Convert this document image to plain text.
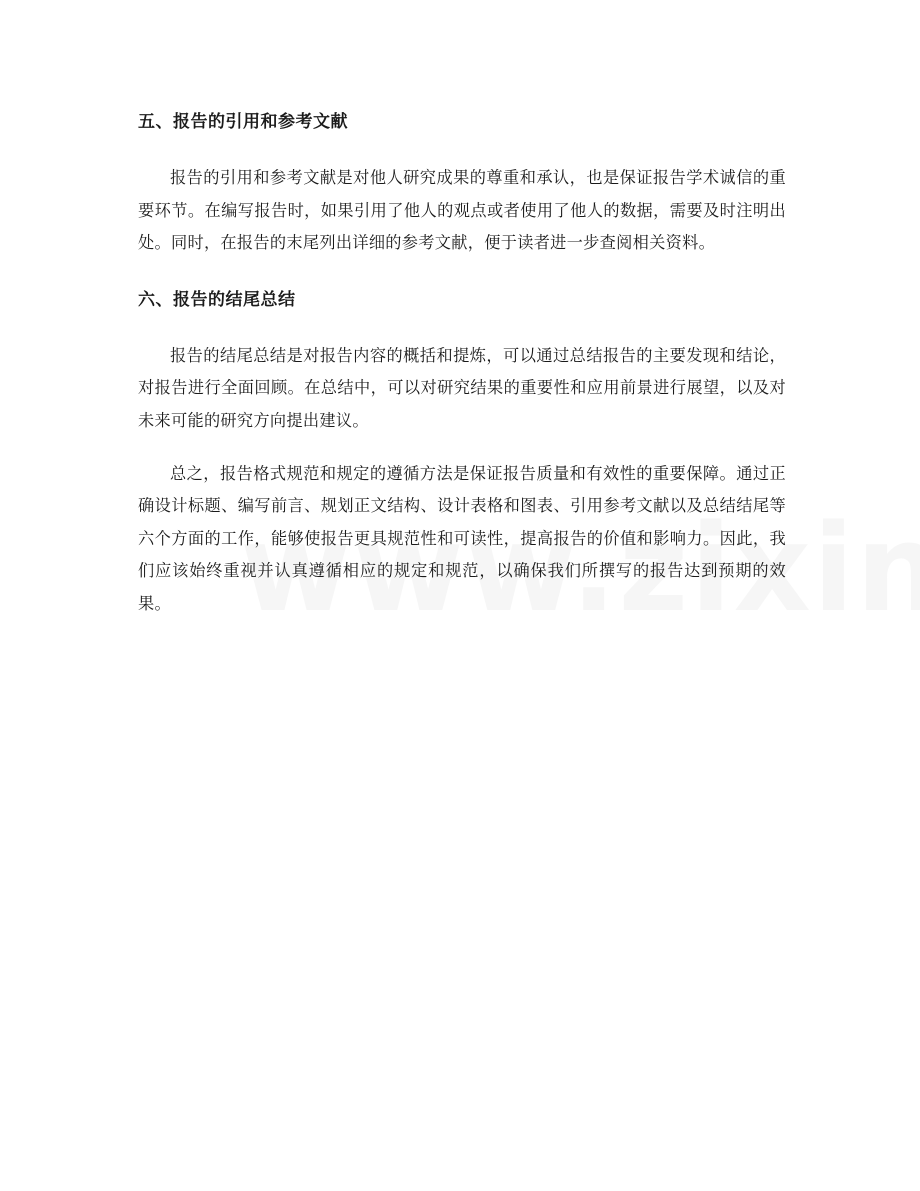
五、报告的引用和参考文献

报告的引用和参考文献是对他人研究成果的尊重和承认，也是保证报告学术诚信的重要环节。在编写报告时，如果引用了他人的观点或者使用了他人的数据，需要及时注明出处。同时，在报告的末尾列出详细的参考文献，便于读者进一步查阅相关资料。

六、报告的结尾总结

报告的结尾总结是对报告内容的概括和提炼，可以通过总结报告的主要发现和结论，对报告进行全面回顾。在总结中，可以对研究结果的重要性和应用前景进行展望，以及对未来可能的研究方向提出建议。

总之，报告格式规范和规定的遵循方法是保证报告质量和有效性的重要保障。通过正确设计标题、编写前言、规划正文结构、设计表格和图表、引用参考文献以及总结结尾等六个方面的工作，能够使报告更具规范性和可读性，提高报告的价值和影响力。因此，我们应该始终重视并认真遵循相应的规定和规范，以确保我们所撰写的报告达到预期的效果。
